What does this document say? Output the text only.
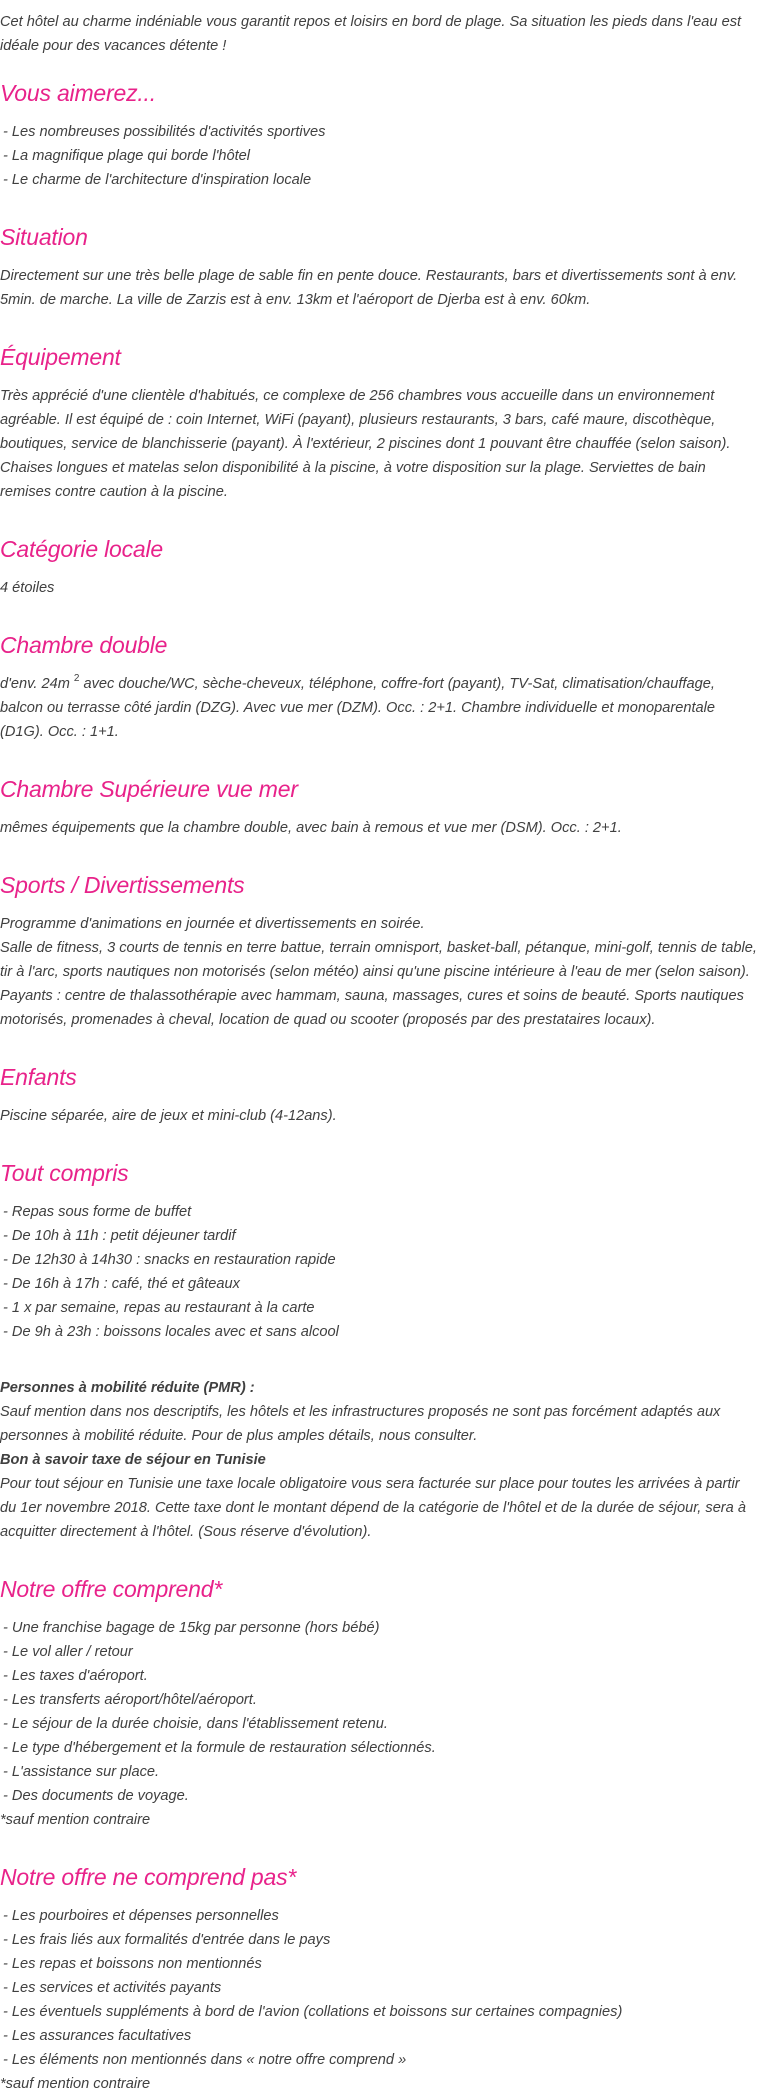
Cet hôtel au charme indéniable vous garantit repos et loisirs en bord de plage. Sa situation les pieds dans l'eau est idéale pour des vacances détente !

Vous aimerez...
- Les nombreuses possibilités d'activités sportives
- La magnifique plage qui borde l'hôtel
- Le charme de l'architecture d'inspiration locale
Situation

Directement sur une très belle plage de sable fin en pente douce. Restaurants, bars et divertissements sont à env. 5min. de marche. La ville de Zarzis est à env. 13km et l'aéroport de Djerba est à env. 60km.

Équipement

Très apprécié d'une clientèle d'habitués, ce complexe de 256 chambres vous accueille dans un environnement agréable. Il est équipé de : coin Internet, WiFi (payant), plusieurs restaurants, 3 bars, café maure, discothèque, boutiques, service de blanchisserie (payant). À l'extérieur, 2 piscines dont 1 pouvant être chauffée (selon saison). Chaises longues et matelas selon disponibilité à la piscine, à votre disposition sur la plage. Serviettes de bain remises contre caution à la piscine.

Catégorie locale

4 étoiles

Chambre double

d'env. 24m $^2$ avec douche/WC, sèche-cheveux, téléphone, coffre-fort (payant), TV-Sat, climatisation/chauffage, balcon ou terrasse côté jardin (DZG). Avec vue mer (DZM). Occ. : 2+1. Chambre individuelle et monoparentale (D1G). Occ. : 1+1.

Chambre Supérieure vue mer

mêmes équipements que la chambre double, avec bain à remous et vue mer (DSM). Occ. : 2+1.

Sports / Divertissements

Programme d'animations en journée et divertissements en soirée.

Salle de fitness, 3 courts de tennis en terre battue, terrain omnisport, basket-ball, pétanque, mini-golf, tennis de table, tir à l'arc, sports nautiques non motorisés (selon météo) ainsi qu'une piscine intérieure à l'eau de mer (selon saison).

Payants : centre de thalassothérapie avec hammam, sauna, massages, cures et soins de beauté. Sports nautiques motorisés, promenades à cheval, location de quad ou scooter (proposés par des prestataires locaux).

Enfants

Piscine séparée, aire de jeux et mini-club (4-12ans).

Tout compris
- Repas sous forme de buffet
- De 10h à 11h : petit déjeuner tardif
- De 12h30 à 14h30 : snacks en restauration rapide
- De 16h à 17h : café, thé et gâteaux
- 1 x par semaine, repas au restaurant à la carte
- De 9h à 23h : boissons locales avec et sans alcool

Personnes à mobilité réduite (PMR) :

Sauf mention dans nos descriptifs, les hôtels et les infrastructures proposés ne sont pas forcément adaptés aux personnes à mobilité réduite. Pour de plus amples détails, nous consulter.

Bon à savoir taxe de séjour en Tunisie

Pour tout séjour en Tunisie une taxe locale obligatoire vous sera facturée sur place pour toutes les arrivées à partir du 1er novembre 2018. Cette taxe dont le montant dépend de la catégorie de l'hôtel et de la durée de séjour, sera à acquitter directement à l'hôtel. (Sous réserve d'évolution).

Notre offre comprend*
- Une franchise bagage de 15kg par personne (hors bébé)
- Le vol aller / retour
- Les taxes d'aéroport.
- Les transferts aéroport/hôtel/aéroport.
- Le séjour de la durée choisie, dans l'établissement retenu.
- Le type d'hébergement et la formule de restauration sélectionnés.
- L'assistance sur place.
- Des documents de voyage.

*sauf mention contraire

Notre offre ne comprend pas*
- Les pourboires et dépenses personnelles
- Les frais liés aux formalités d'entrée dans le pays
- Les repas et boissons non mentionnés
- Les services et activités payants
- Les éventuels suppléments à bord de l'avion (collations et boissons sur certaines compagnies)
- Les assurances facultatives
- Les éléments non mentionnés dans « notre offre comprend »

*sauf mention contraire
